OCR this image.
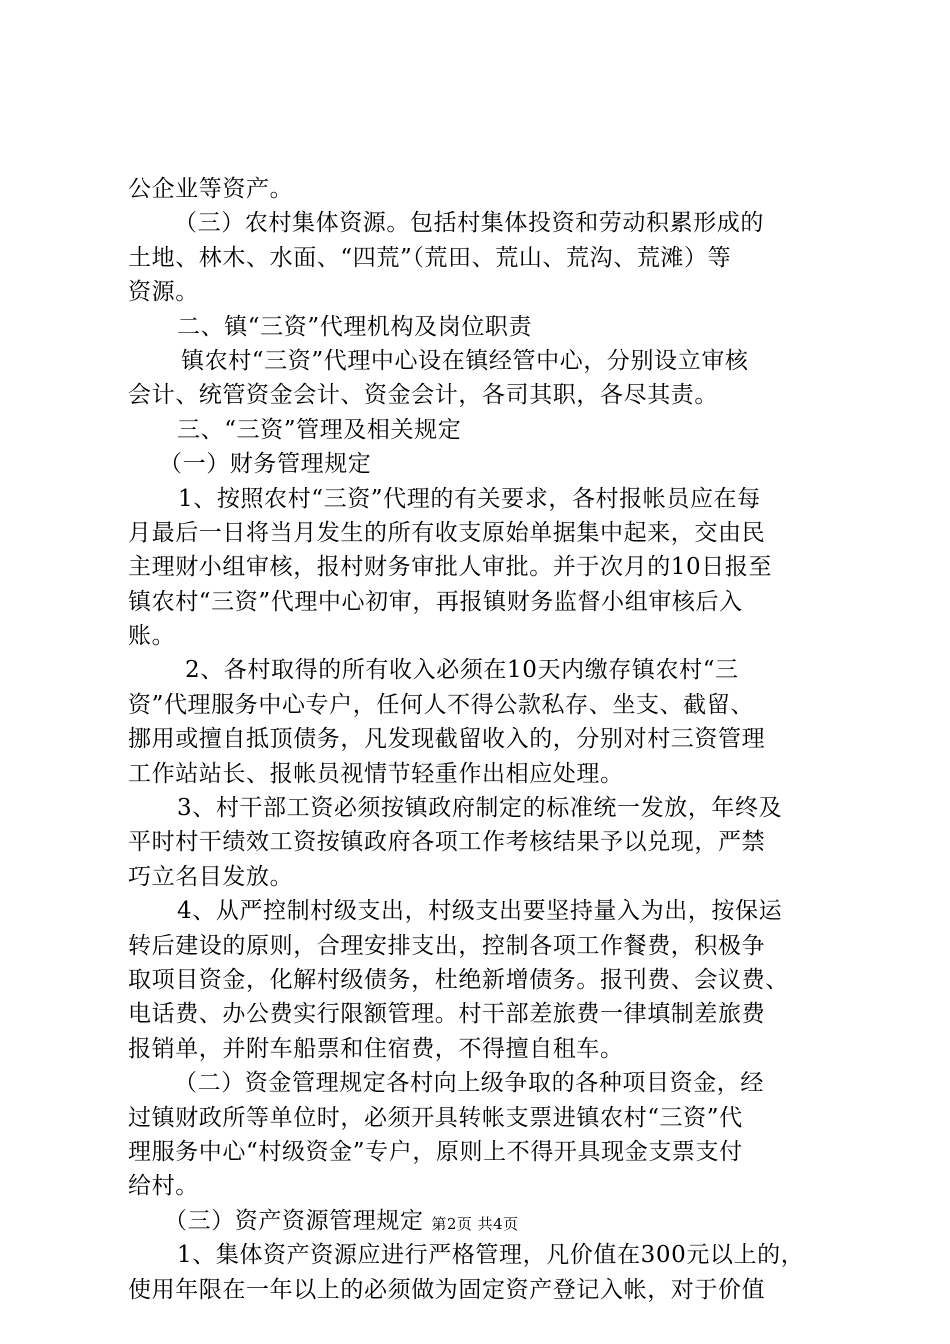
公企业等资产。
（三）农村集体资源。包括村集体投资和劳动积累形成的
土地、林木、水面、“四荒”（荒田、荒山、荒沟、荒滩）等
资源。
二、镇“三资”代理机构及岗位职责
镇农村“三资”代理中心设在镇经管中心，分别设立审核
会计、统管资金会计、资金会计，各司其职，各尽其责。
三、“三资”管理及相关规定
（一）财务管理规定
1、按照农村“三资”代理的有关要求，各村报帐员应在每
月最后一日将当月发生的所有收支原始单据集中起来，交由民
主理财小组审核，报村财务审批人审批。并于次月的10日报至
镇农村“三资”代理中心初审，再报镇财务监督小组审核后入
账。
2、各村取得的所有收入必须在10天内缴存镇农村“三
资”代理服务中心专户，任何人不得公款私存、坐支、截留、
挪用或擅自抵顶债务，凡发现截留收入的，分别对村三资管理
工作站站长、报帐员视情节轻重作出相应处理。
3、村干部工资必须按镇政府制定的标准统一发放，年终及
平时村干绩效工资按镇政府各项工作考核结果予以兑现，严禁
巧立名目发放。
4、从严控制村级支出，村级支出要坚持量入为出，按保运
转后建设的原则，合理安排支出，控制各项工作餐费，积极争
取项目资金，化解村级债务，杜绝新增债务。报刊费、会议费、
电话费、办公费实行限额管理。村干部差旅费一律填制差旅费
报销单，并附车船票和住宿费，不得擅自租车。
（二）资金管理规定各村向上级争取的各种项目资金，经
过镇财政所等单位时，必须开具转帐支票进镇农村“三资”代
理服务中心“村级资金”专户，原则上不得开具现金支票支付
给村。
（三）资产资源管理规定
1、集体资产资源应进行严格管理，凡价值在300元以上的，
使用年限在一年以上的必须做为固定资产登记入帐，对于价值
第2页 共4页
